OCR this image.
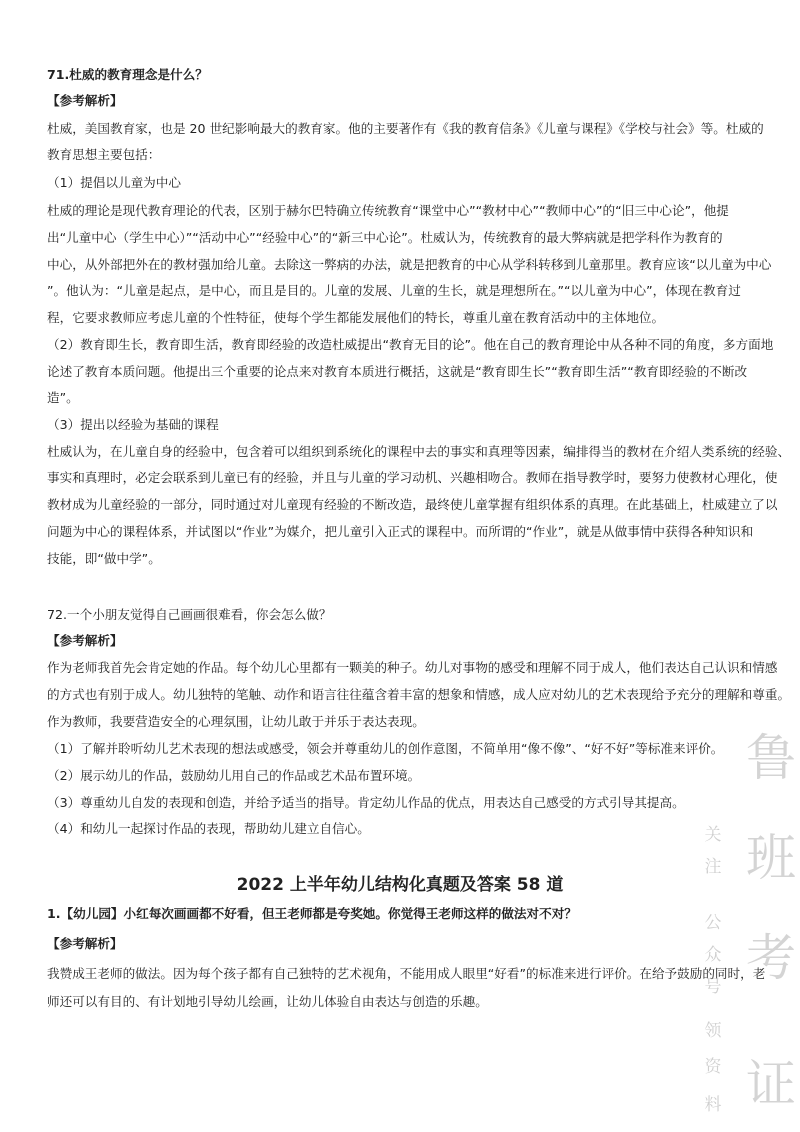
71.杜威的教育理念是什么？
【参考解析】
杜威，美国教育家，也是 20 世纪影响最大的教育家。他的主要著作有《我的教育信条》《儿童与课程》《学校与社会》等。杜威的
教育思想主要包括：
（1）提倡以儿童为中心
杜威的理论是现代教育理论的代表，区别于赫尔巴特确立传统教育“课堂中心”“教材中心”“教师中心”的“旧三中心论”，他提
出“儿童中心（学生中心）”“活动中心”“经验中心”的“新三中心论”。杜威认为，传统教育的最大弊病就是把学科作为教育的
中心，从外部把外在的教材强加给儿童。去除这一弊病的办法，就是把教育的中心从学科转移到儿童那里。教育应该“以儿童为中心
”。他认为：“儿童是起点，是中心，而且是目的。儿童的发展、儿童的生长，就是理想所在。”“以儿童为中心”，体现在教育过
程，它要求教师应考虑儿童的个性特征，使每个学生都能发展他们的特长，尊重儿童在教育活动中的主体地位。
（2）教育即生长，教育即生活，教育即经验的改造杜威提出“教育无目的论”。他在自己的教育理论中从各种不同的角度，多方面地
论述了教育本质问题。他提出三个重要的论点来对教育本质进行概括，这就是“教育即生长”“教育即生活”“教育即经验的不断改
造”。
（3）提出以经验为基础的课程
杜威认为，在儿童自身的经验中，包含着可以组织到系统化的课程中去的事实和真理等因素，编排得当的教材在介绍人类系统的经验、
事实和真理时，必定会联系到儿童已有的经验，并且与儿童的学习动机、兴趣相吻合。教师在指导教学时，要努力使教材心理化，使
教材成为儿童经验的一部分，同时通过对儿童现有经验的不断改造，最终使儿童掌握有组织体系的真理。在此基础上，杜威建立了以
问题为中心的课程体系，并试图以“作业”为媒介，把儿童引入正式的课程中。而所谓的“作业”，就是从做事情中获得各种知识和
技能，即“做中学”。
72.一个小朋友觉得自己画画很难看，你会怎么做？
【参考解析】
作为老师我首先会肯定她的作品。每个幼儿心里都有一颗美的种子。幼儿对事物的感受和理解不同于成人，他们表达自己认识和情感
的方式也有别于成人。幼儿独特的笔触、动作和语言往往蕴含着丰富的想象和情感，成人应对幼儿的艺术表现给予充分的理解和尊重。
作为教师，我要营造安全的心理氛围，让幼儿敢于并乐于表达表现。
（1）了解并聆听幼儿艺术表现的想法或感受，领会并尊重幼儿的创作意图，不简单用“像不像”、“好不好”等标准来评价。
（2）展示幼儿的作品，鼓励幼儿用自己的作品或艺术品布置环境。
（3）尊重幼儿自发的表现和创造，并给予适当的指导。肯定幼儿作品的优点，用表达自己感受的方式引导其提高。
（4）和幼儿一起探讨作品的表现，帮助幼儿建立自信心。
2022 上半年幼儿结构化真题及答案 58 道
1.【幼儿园】小红每次画画都不好看，但王老师都是夸奖她。你觉得王老师这样的做法对不对？
【参考解析】
我赞成王老师的做法。因为每个孩子都有自己独特的艺术视角，不能用成人眼里“好看”的标准来进行评价。在给予鼓励的同时，老
师还可以有目的、有计划地引导幼儿绘画，让幼儿体验自由表达与创造的乐趣。
鲁
班
考
证
关
注
公
众
号
领
资
料
